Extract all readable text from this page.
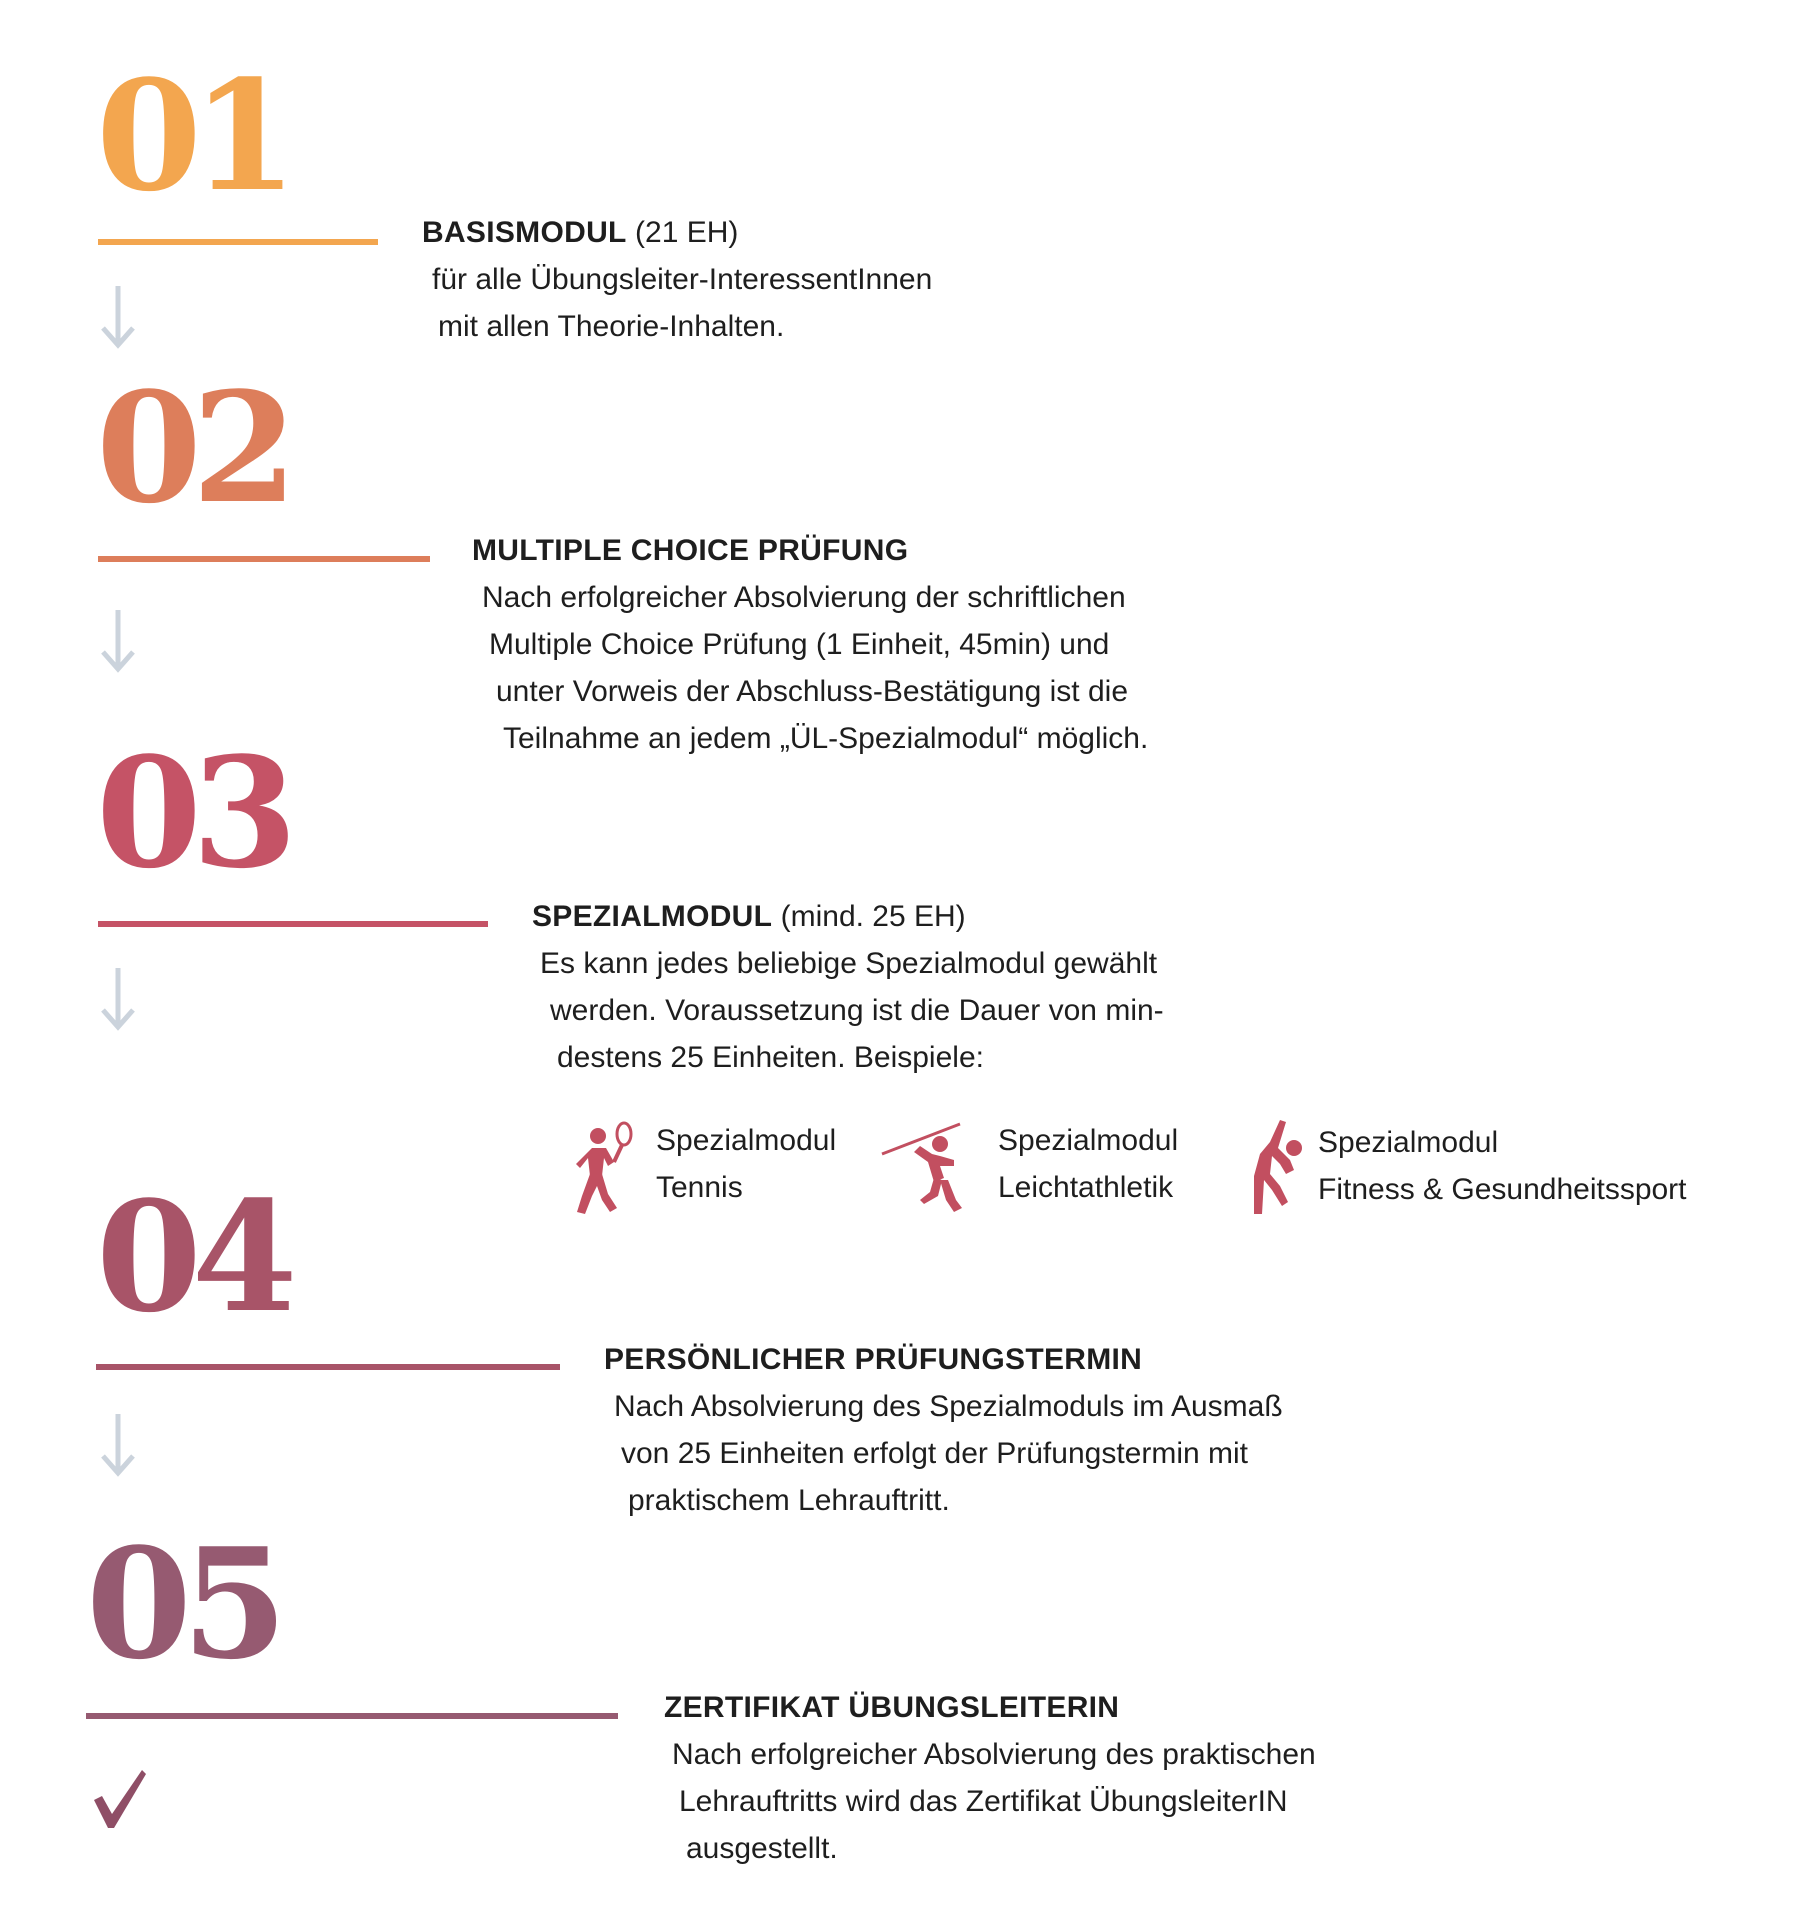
01
BASISMODUL (21 EH)
für alle Übungsleiter-InteressentInnen
mit allen Theorie-Inhalten.
02
MULTIPLE CHOICE PRÜFUNG
Nach erfolgreicher Absolvierung der schriftlichen
Multiple Choice Prüfung (1 Einheit, 45min) und
unter Vorweis der Abschluss-Bestätigung ist die
Teilnahme an jedem „ÜL-Spezialmodul“ möglich.
03
SPEZIALMODUL (mind. 25 EH)
Es kann jedes beliebige Spezialmodul gewählt
werden. Voraussetzung ist die Dauer von min-
destens 25 Einheiten. Beispiele:
Spezialmodul
Tennis
Spezialmodul
Leichtathletik
Spezialmodul
Fitness & Gesundheitssport
04
PERSÖNLICHER PRÜFUNGSTERMIN
Nach Absolvierung des Spezialmoduls im Ausmaß
von 25 Einheiten erfolgt der Prüfungstermin mit
praktischem Lehrauftritt.
05
ZERTIFIKAT ÜBUNGSLEITERIN
Nach erfolgreicher Absolvierung des praktischen
Lehrauftritts wird das Zertifikat ÜbungsleiterIN
ausgestellt.
